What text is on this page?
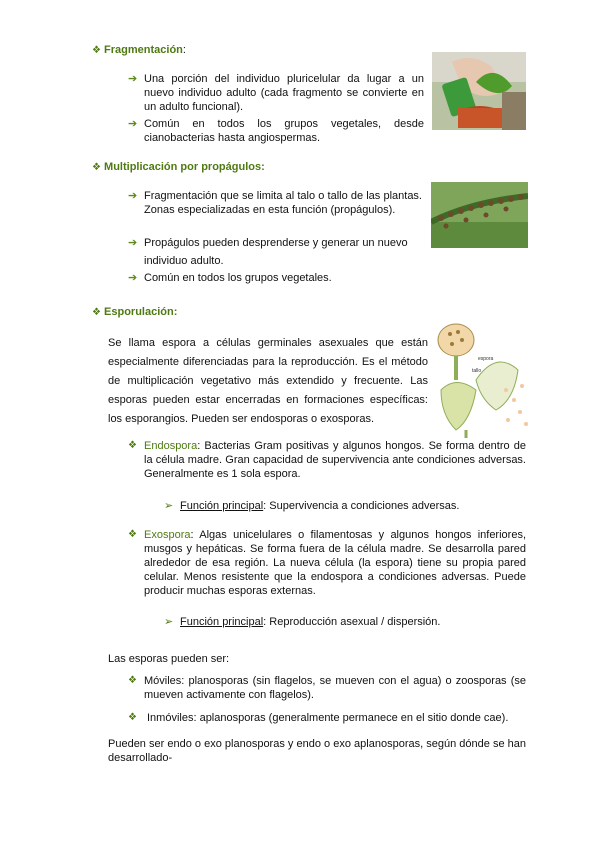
❖ Fragmentación:
➔ Una porción del individuo pluricelular da lugar a un nuevo individuo adulto (cada fragmento se convierte en un adulto funcional).
➔ Común en todos los grupos vegetales, desde cianobacterias hasta angiospermas.
❖ Multiplicación por propágulos:
➔ Fragmentación que se limita al talo o tallo de las plantas. Zonas especializadas en esta función (propágulos).
➔ Propágulos pueden desprenderse y generar un nuevo individuo adulto.
➔ Común en todos los grupos vegetales.
❖ Esporulación:
Se llama espora a células germinales asexuales que están especialmente diferenciadas para la reproducción. Es el método de multiplicación vegetativo más extendido y frecuente. Las esporas pueden estar encerradas en formaciones específicas: los esporangios. Pueden ser endosporas o exosporas.
espora
tallo
❖ Endospora: Bacterias Gram positivas y algunos hongos. Se forma dentro de la célula madre. Gran capacidad de supervivencia ante condiciones adversas. Generalmente es 1 sola espora.
➢ Función principal: Supervivencia a condiciones adversas.
❖ Exospora: Algas unicelulares o filamentosas y algunos hongos inferiores, musgos y hepáticas. Se forma fuera de la célula madre. Se desarrolla pared alrededor de esa región. La nueva célula (la espora) tiene su propia pared celular. Menos resistente que la endospora a condiciones adversas. Puede producir muchas esporas externas.
➢ Función principal: Reproducción asexual / dispersión.
Las esporas pueden ser:
❖ Móviles: planosporas (sin flagelos, se mueven con el agua) o zoosporas (se mueven activamente con flagelos).
❖ Inmóviles: aplanosporas (generalmente permanece en el sitio donde cae).
Pueden ser endo o exo planosporas y endo o exo aplanosporas, según dónde se han desarrollado-
